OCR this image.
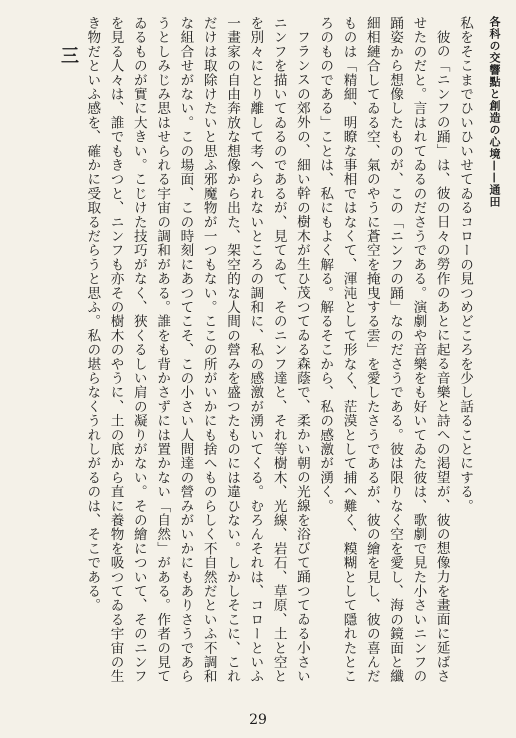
各科の交響點と創造の心境——通田

私をそこまでひいひいせてゐるコローの見つめどころを少し話ることにする。

彼の「ニンフの踊」は、彼の日々の勞作のあとに起る音樂と詩への渇望が、彼の想像力を畫面に延ばさせたのだと。言はれてゐるのださうである。演劇や音樂をも好いてゐた彼は、歌劇で見た小さいニンフの踊姿から想像したものが、この「ニンフの踊」なのださうである。彼は限りなく空を愛し、海の鏡面と纖細相縺合してゐる空、氣のやうに蒼空を掩曳する雲」を愛したさうであるが、彼の繪を見し、彼の喜んだものは「精細、明瞭な事相ではなくて、渾沌として形なく、茫漠として捕へ難く、糢糊として隱れたところのものである」ことは、私にもよく解る。解るそこから、私の感激が湧く。

フランスの郊外の、細い幹の樹木が生ひ茂つてゐる森蔭で、柔かい朝の光線を浴びて踊つてゐる小さいニンフを描いてゐるのであるが、見てゐて、そのニンフ達と、それ等樹木、光線、岩石、草原、土と空とを別々にとり離して考へられないところの調和に、私の感激が湧いてくる。むろんそれは、コローといふ一畫家の自由奔放な想像から出た、架空的な人間の營みを盛つたものには違ひない。しかしそこに、これだけは取除けたいと思ふ邪魔物が一つもない。ここの所がいかにも捨へものらしく不自然だといふ不調和な組合せがない。この場面、この時刻にあつてこそ、この小さい人間達の營みがいかにもありさうであらうとしみじみ思はせられる宇宙の調和がある。誰をも背かさずには置かない「自然」がある。作者の見てゐるものが實に大きい。こじけた技巧がなく、狹くるしい肩の凝りがない。その繪について、そのニンフを見る人々は、誰でもきつと、ニンフも亦その樹木のやうに、土の底から直に養物を吸つてゐる宇宙の生き物だといふ感を、確かに受取るだらうと思ふ。私の堪らなくうれしがるのは、そこである。

三
29
